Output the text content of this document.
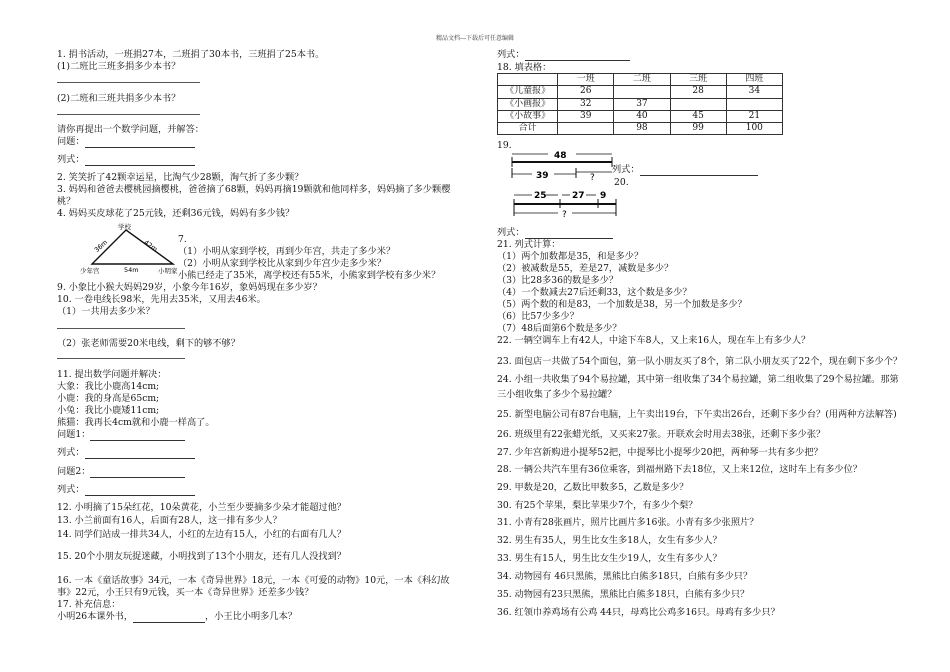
精品文档---下载后可任意编辑
1. 捐书活动，一班捐27本，二班捐了30本书，三班捐了25本书。
(1)二班比三班多捐多少本书？
(2)二班和三班共捐多少本书？
请你再提出一个数学问题，并解答：
问题：
列式：
2. 笑笑折了42颗幸运星，比淘气少28颗，淘气折了多少颗？
3. 妈妈和爸爸去樱桃园摘樱桃，爸爸摘了68颗，妈妈再摘19颗就和他同样多，妈妈摘了多少颗樱
桃？
4. 妈妈买皮球花了25元钱，还剩36元钱，妈妈有多少钱？
学校
少年宫	小明家
36m	42m
54m
7.
（1）小明从家到学校，再到少年宫，共走了多少米？
（2）小明从家到学校比从家到少年宫少走多少米？
小熊已经走了35米，离学校还有55米，小熊家到学校有多少米？
9. 小象比小猴大妈妈29岁，小象今年16岁，象妈妈现在多少岁？
10. 一卷电线长98米，先用去35米，又用去46米。
（1）一共用去多少米？
（2）张老师需要20米电线，剩下的够不够？
11. 提出数学问题并解决：
大象：我比小鹿高14cm;
小鹿：我的身高是65cm;
小兔：我比小鹿矮11cm;
熊猫：我再长4cm就和小鹿一样高了。
问题1：
列式：
问题2：
列式：
12. 小明摘了15朵红花，10朵黄花，小兰至少要摘多少朵才能超过他？
13. 小兰前面有16人，后面有28人，这一排有多少人？
14. 同学们站成一排共34人，小红的左边有15人，小红的右面有几人？
15. 20个小朋友玩捉迷藏，小明找到了13个小朋友，还有几人没找到？
16. 一本《童话故事》34元，一本《奇异世界》18元，一本《可爱的动物》10元，一本《科幻故
事》22元，小王只有9元钱，买一本《奇异世界》还差多少钱？
17. 补充信息：
小明26本课外书，	，小王比小明多几本？
列式：
18. 填表格：
	一班	二班	三班	四班
《儿童报》	26		28	34
《小画报》	32	37		
《小故事》	39	40	45	21
合计		98	99	100
19.
48
39	?
列式：
20.
25	27 9
?
列式：
21. 列式计算：
（1）两个加数都是35，和是多少？
（2）被减数是55，差是27，减数是多少？
（3）比28多36的数是多少？
（4）一个数减去27后还剩33，这个数是多少？
（5）两个数的和是83，一个加数是38，另一个加数是多少？
（6）比57少多少？
（7）48后面第6个数是多少？
22. 一辆空调车上有42人，中途下车8人，又上来16人，现在车上有多少人？
23. 面包店一共做了54个面包，第一队小朋友买了8个，第二队小朋友买了22个，现在剩下多少个？
24. 小组一共收集了94个易拉罐，其中第一组收集了34个易拉罐，第二组收集了29个易拉罐。那第
三小组收集了多少个易拉罐？
25. 新型电脑公司有87台电脑，上午卖出19台，下午卖出26台，还剩下多少台？(用两种方法解答)
26. 班级里有22张蜡光纸，又买来27张。开联欢会时用去38张，还剩下多少张？
27. 少年宫新购进小提琴52把，中提琴比小提琴少20把，两种琴一共有多少把？
28. 一辆公共汽车里有36位乘客，到福州路下去18位，又上来12位，这时车上有多少位？
29. 甲数是20，乙数比甲数多5，乙数是多少？
30. 有25个苹果，梨比苹果少7个，有多少个梨？
31. 小青有28张画片，照片比画片多16张。小青有多少张照片？
32. 男生有35人，男生比女生多18人，女生有多少人？
33. 男生有15人，男生比女生少19人，女生有多少人？
34. 动物园有 46只黑熊，黑熊比白熊多18只，白熊有多少只？
35. 动物园有23只黑熊，黑熊比白熊多18只，白熊有多少只？
36. 红领巾养鸡场有公鸡 44只，母鸡比公鸡多16只。母鸡有多少只？
